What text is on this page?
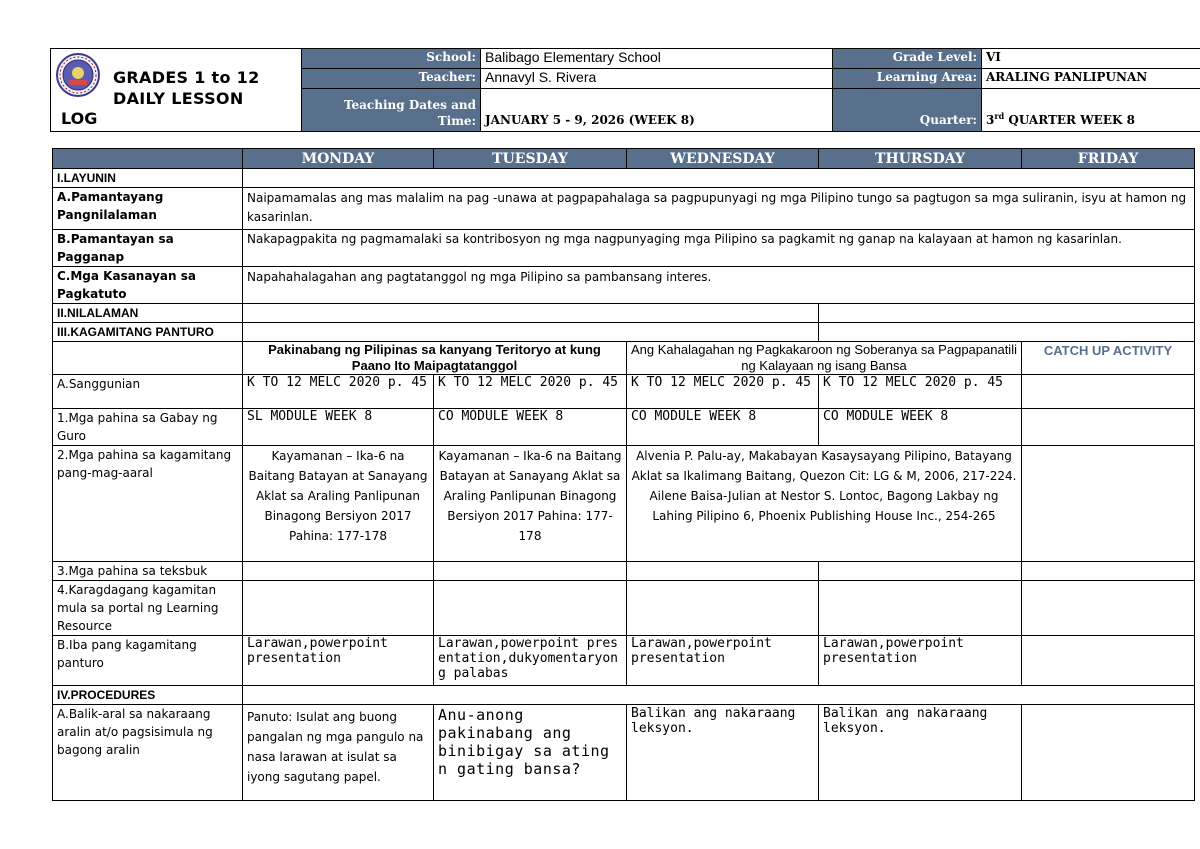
GRADES 1 to 12
DAILY LESSON
LOG	School:	Balibago Elementary School	Grade Level:	VI
	Teacher:	Annavyl S. Rivera	Learning Area:	ARALING PANLIPUNAN
	Teaching Dates and Time:	JANUARY 5 - 9, 2026 (WEEK 8)	Quarter:	3rd QUARTER WEEK 8
	MONDAY	TUESDAY	WEDNESDAY	THURSDAY	FRIDAY
I.LAYUNIN					
A.Pamantayang Pangnilalaman	Naipamamalas ang mas malalim na pag -unawa at pagpapahalaga sa pagpupunyagi ng mga Pilipino tungo sa pagtugon sa mga suliranin, isyu at hamon ng kasarinlan.				
B.Pamantayan sa Pagganap	Nakapagpakita ng pagmamalaki sa kontribosyon ng mga nagpunyaging mga Pilipino sa pagkamit ng ganap na kalayaan at hamon ng kasarinlan.				
C.Mga Kasanayan sa Pagkatuto	Napahahalagahan ang pagtatanggol ng mga Pilipino sa pambansang interes.				
II.NILALAMAN					
III.KAGAMITANG PANTURO					
	Pakinabang ng Pilipinas sa kanyang Teritoryo at kung Paano Ito Maipagtatanggol		Ang Kahalagahan ng Pagkakaroon ng Soberanya sa Pagpapanatili ng Kalayaan ng isang Bansa		CATCH UP ACTIVITY
A.Sanggunian	K TO 12 MELC 2020 p. 45	K TO 12 MELC 2020 p. 45	K TO 12 MELC 2020 p. 45	K TO 12 MELC 2020 p. 45	
1.Mga pahina sa Gabay ng Guro	SL MODULE WEEK 8	CO MODULE WEEK 8	CO MODULE WEEK 8	CO MODULE WEEK 8	
2.Mga pahina sa kagamitang pang-mag-aaral	Kayamanan – Ika-6 na Baitang Batayan at Sanayang Aklat sa Araling Panlipunan Binagong Bersiyon 2017 Pahina: 177-178	Kayamanan – Ika-6 na Baitang Batayan at Sanayang Aklat sa Araling Panlipunan Binagong Bersiyon 2017 Pahina: 177-178	Alvenia P. Palu-ay, Makabayan Kasaysayang Pilipino, Batayang Aklat sa Ikalimang Baitang, Quezon Cit: LG & M, 2006, 217-224. Ailene Baisa-Julian at Nestor S. Lontoc, Bagong Lakbay ng Lahing Pilipino 6, Phoenix Publishing House Inc., 254-265		
3.Mga pahina sa teksbuk					
4.Karagdagang kagamitan mula sa portal ng Learning Resource					
B.Iba pang kagamitang panturo	Larawan,powerpoint presentation	Larawan,powerpoint presentation,dukyomentaryong palabas	Larawan,powerpoint presentation	Larawan,powerpoint presentation	
IV.PROCEDURES					
A.Balik-aral sa nakaraang aralin at/o pagsisimula ng bagong aralin	Panuto: Isulat ang buong pangalan ng mga pangulo na nasa larawan at isulat sa iyong sagutang papel.	Anu-anong pakinabang ang binibigay sa ating n gating bansa?	Balikan ang nakaraang leksyon.	Balikan ang nakaraang leksyon.	
